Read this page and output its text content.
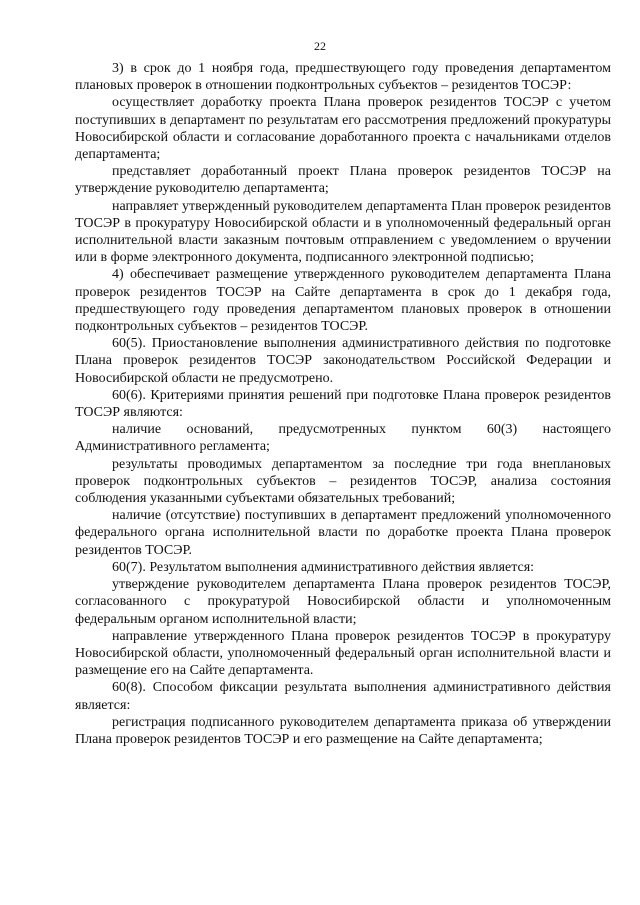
22

3) в срок до 1 ноября года, предшествующего году проведения департаментом плановых проверок в отношении подконтрольных субъектов – резидентов ТОСЭР:

осуществляет доработку проекта Плана проверок резидентов ТОСЭР с учетом поступивших в департамент по результатам его рассмотрения предложений прокуратуры Новосибирской области и согласование доработанного проекта с начальниками отделов департамента;

представляет доработанный проект Плана проверок резидентов ТОСЭР на утверждение руководителю департамента;

направляет утвержденный руководителем департамента План проверок резидентов ТОСЭР в прокуратуру Новосибирской области и в уполномоченный федеральный орган исполнительной власти заказным почтовым отправлением с уведомлением о вручении или в форме электронного документа, подписанного электронной подписью;

4) обеспечивает размещение утвержденного руководителем департамента Плана проверок резидентов ТОСЭР на Сайте департамента в срок до 1 декабря года, предшествующего году проведения департаментом плановых проверок в отношении подконтрольных субъектов – резидентов ТОСЭР.

60(5). Приостановление выполнения административного действия по подготовке Плана проверок резидентов ТОСЭР законодательством Российской Федерации и Новосибирской области не предусмотрено.

60(6). Критериями принятия решений при подготовке Плана проверок резидентов ТОСЭР являются:

наличие оснований, предусмотренных пунктом 60(3) настоящего Административного регламента;

результаты проводимых департаментом за последние три года внеплановых проверок подконтрольных субъектов – резидентов ТОСЭР, анализа состояния соблюдения указанными субъектами обязательных требований;

наличие (отсутствие) поступивших в департамент предложений уполномоченного федерального органа исполнительной власти по доработке проекта Плана проверок резидентов ТОСЭР.

60(7). Результатом выполнения административного действия является:

утверждение руководителем департамента Плана проверок резидентов ТОСЭР, согласованного с прокуратурой Новосибирской области и уполномоченным федеральным органом исполнительной власти;

направление утвержденного Плана проверок резидентов ТОСЭР в прокуратуру Новосибирской области, уполномоченный федеральный орган исполнительной власти и размещение его на Сайте департамента.

60(8). Способом фиксации результата выполнения административного действия является:

регистрация подписанного руководителем департамента приказа об утверждении Плана проверок резидентов ТОСЭР и его размещение на Сайте департамента;
